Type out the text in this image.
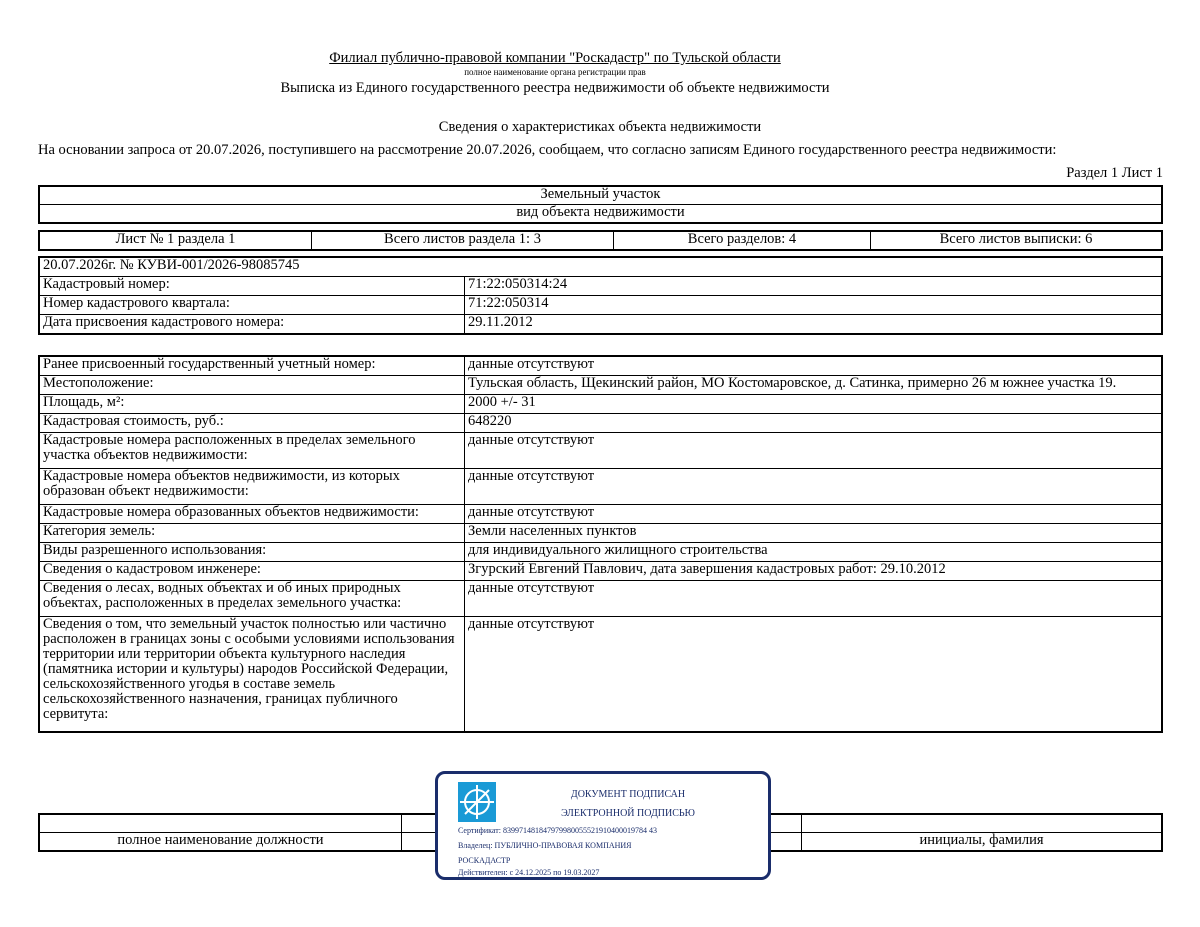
Филиал публично-правовой компании "Роскадастр" по Тульской области
полное наименование органа регистрации прав
Выписка из Единого государственного реестра недвижимости об объекте недвижимости
Сведения о характеристиках объекта недвижимости
На основании запроса от 20.07.2026, поступившего на рассмотрение 20.07.2026, сообщаем, что согласно записям Единого государственного реестра недвижимости:
Раздел 1 Лист 1
Земельный участок
вид объекта недвижимости
Лист № 1 раздела 1	Всего листов раздела 1: 3	Всего разделов: 4	Всего листов выписки: 6
20.07.2026г. № КУВИ-001/2026-98085745	
Кадастровый номер:	71:22:050314:24
Номер кадастрового квартала:	71:22:050314
Дата присвоения кадастрового номера:	29.11.2012
Ранее присвоенный государственный учетный номер:	данные отсутствуют
Местоположение:	Тульская область, Щекинский район, МО Костомаровское, д. Сатинка, примерно 26 м южнее участка 19.
Площадь, м²:	2000 +/- 31
Кадастровая стоимость, руб.:	648220
Кадастровые номера расположенных в пределах земельного участка объектов недвижимости:	данные отсутствуют
Кадастровые номера объектов недвижимости, из которых образован объект недвижимости:	данные отсутствуют
Кадастровые номера образованных объектов недвижимости:	данные отсутствуют
Категория земель:	Земли населенных пунктов
Виды разрешенного использования:	для индивидуального жилищного строительства
Сведения о кадастровом инженере:	Згурский Евгений Павлович, дата завершения кадастровых работ: 29.10.2012
Сведения о лесах, водных объектах и об иных природных объектах, расположенных в пределах земельного участка:	данные отсутствуют
Сведения о том, что земельный участок полностью или частично расположен в границах зоны с особыми условиями использования территории или территории объекта культурного наследия (памятника истории и культуры) народов Российской Федерации, сельскохозяйственного угодья в составе земель сельскохозяйственного назначения, границах публичного сервитута:	данные отсутствуют

полное наименование должности		инициалы, фамилия
ДОКУМЕНТ ПОДПИСАН
ЭЛЕКТРОННОЙ ПОДПИСЬЮ
Сертификат: 839971481847979980055521910400019784 43
Владелец: ПУБЛИЧНО-ПРАВОВАЯ КОМПАНИЯ
РОСКАДАСТР
Действителен: с 24.12.2025 по 19.03.2027
